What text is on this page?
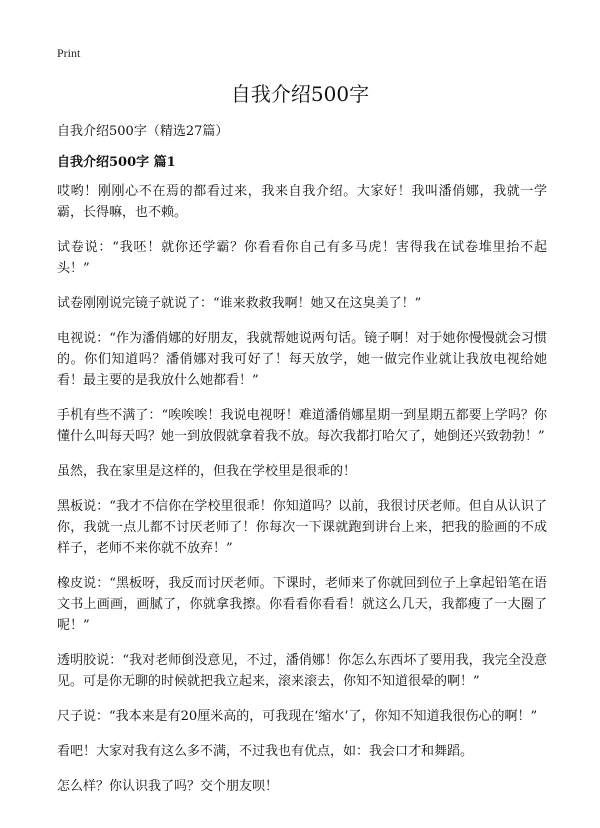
Print
自我介绍500字

自我介绍500字（精选27篇）

自我介绍500字 篇1

哎哟！刚刚心不在焉的都看过来，我来自我介绍。大家好！我叫潘俏娜，我就一学霸，长得嘛，也不赖。

试卷说：“我呸！就你还学霸？你看看你自己有多马虎！害得我在试卷堆里抬不起头！”

试卷刚刚说完镜子就说了：“谁来救救我啊！她又在这臭美了！”

电视说：“作为潘俏娜的好朋友，我就帮她说两句话。镜子啊！对于她你慢慢就会习惯的。你们知道吗？潘俏娜对我可好了！每天放学，她一做完作业就让我放电视给她看！最主要的是我放什么她都看！”

手机有些不满了：“唉唉唉！我说电视呀！难道潘俏娜星期一到星期五都要上学吗？你懂什么叫每天吗？她一到放假就拿着我不放。每次我都打哈欠了，她倒还兴致勃勃！”

虽然，我在家里是这样的，但我在学校里是很乖的！

黑板说：“我才不信你在学校里很乖！你知道吗？以前，我很讨厌老师。但自从认识了你，我就一点儿都不讨厌老师了！你每次一下课就跑到讲台上来，把我的脸画的不成样子，老师不来你就不放弃！”

橡皮说：“黑板呀，我反而讨厌老师。下课时，老师来了你就回到位子上拿起铅笔在语文书上画画，画腻了，你就拿我擦。你看看你看看！就这么几天，我都瘦了一大圈了呢！”

透明胶说：“我对老师倒没意见，不过，潘俏娜！你怎么东西坏了要用我，我完全没意见。可是你无聊的时候就把我立起来，滚来滚去，你知不知道很晕的啊！”

尺子说：“我本来是有20厘米高的，可我现在‘缩水’了，你知不知道我很伤心的啊！”

看吧！大家对我有这么多不满，不过我也有优点，如：我会口才和舞蹈。

怎么样？你认识我了吗？交个朋友呗！
